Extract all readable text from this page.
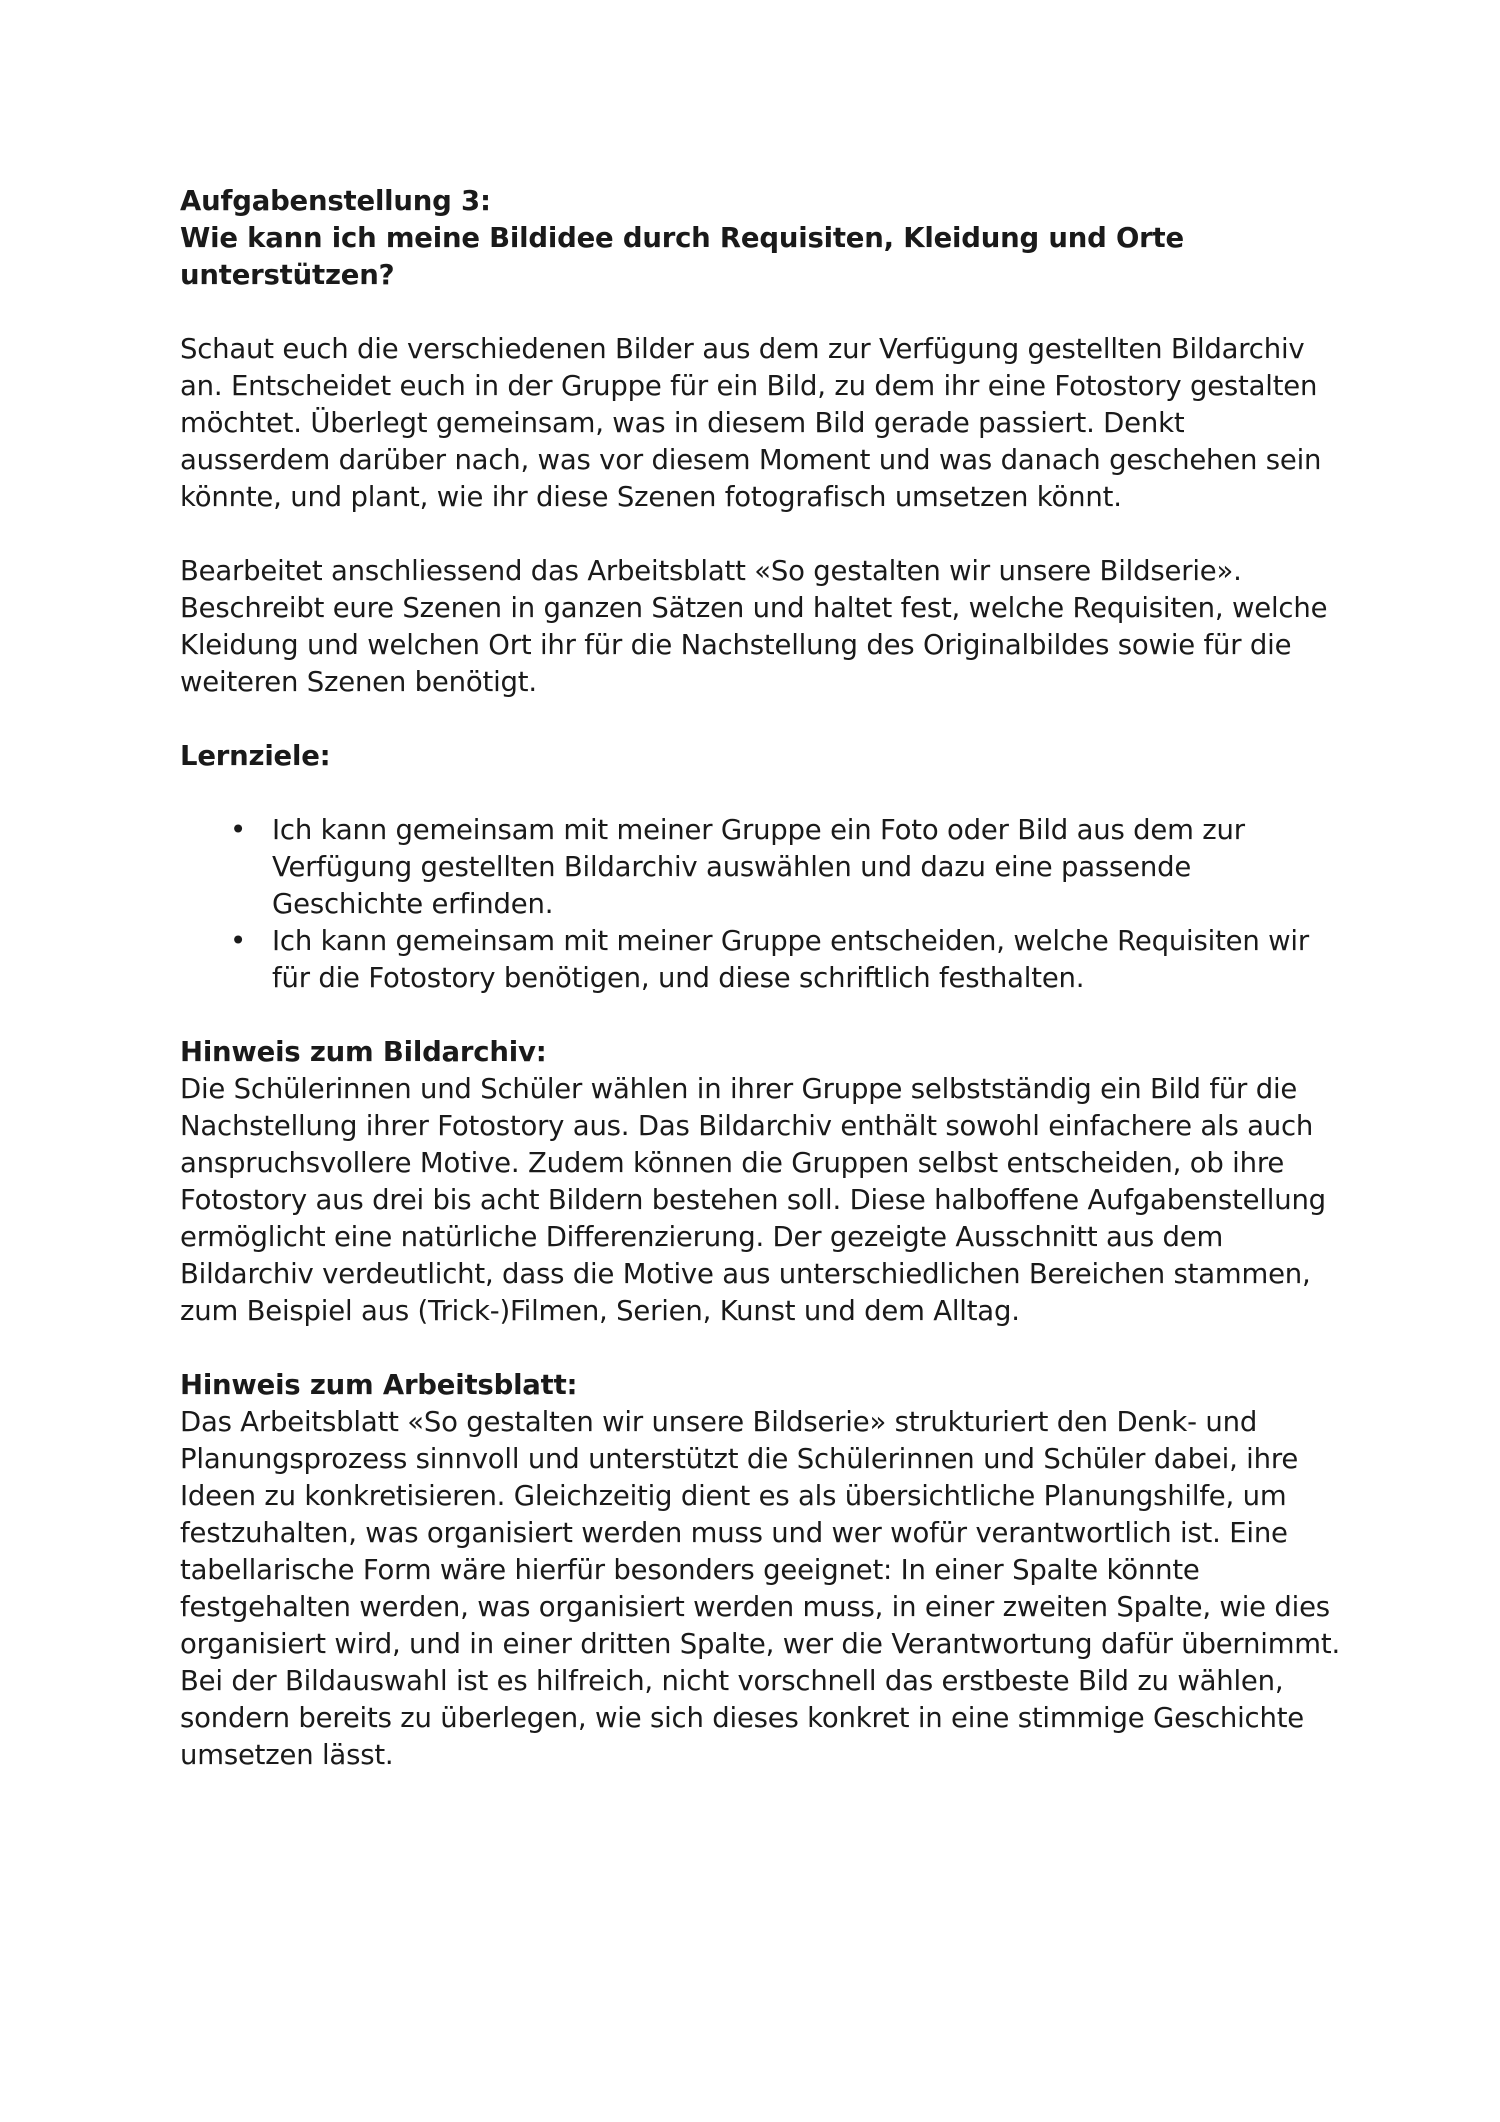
Aufgabenstellung 3:

Wie kann ich meine Bildidee durch Requisiten, Kleidung und Orte unterstützen?

Schaut euch die verschiedenen Bilder aus dem zur Verfügung gestellten Bildarchiv an. Entscheidet euch in der Gruppe für ein Bild, zu dem ihr eine Fotostory gestalten möchtet. Überlegt gemeinsam, was in diesem Bild gerade passiert. Denkt ausserdem darüber nach, was vor diesem Moment und was danach geschehen sein könnte, und plant, wie ihr diese Szenen fotografisch umsetzen könnt.

Bearbeitet anschliessend das Arbeitsblatt «So gestalten wir unsere Bildserie». Beschreibt eure Szenen in ganzen Sätzen und haltet fest, welche Requisiten, welche Kleidung und welchen Ort ihr für die Nachstellung des Originalbildes sowie für die weiteren Szenen benötigt.

Lernziele:

• Ich kann gemeinsam mit meiner Gruppe ein Foto oder Bild aus dem zur Verfügung gestellten Bildarchiv auswählen und dazu eine passende Geschichte erfinden.
• Ich kann gemeinsam mit meiner Gruppe entscheiden, welche Requisiten wir für die Fotostory benötigen, und diese schriftlich festhalten.

Hinweis zum Bildarchiv:

Die Schülerinnen und Schüler wählen in ihrer Gruppe selbstständig ein Bild für die Nachstellung ihrer Fotostory aus. Das Bildarchiv enthält sowohl einfachere als auch anspruchsvollere Motive. Zudem können die Gruppen selbst entscheiden, ob ihre Fotostory aus drei bis acht Bildern bestehen soll. Diese halboffene Aufgabenstellung ermöglicht eine natürliche Differenzierung. Der gezeigte Ausschnitt aus dem Bildarchiv verdeutlicht, dass die Motive aus unterschiedlichen Bereichen stammen, zum Beispiel aus (Trick-)Filmen, Serien, Kunst und dem Alltag.

Hinweis zum Arbeitsblatt:

Das Arbeitsblatt «So gestalten wir unsere Bildserie» strukturiert den Denk- und Planungsprozess sinnvoll und unterstützt die Schülerinnen und Schüler dabei, ihre Ideen zu konkretisieren. Gleichzeitig dient es als übersichtliche Planungshilfe, um festzuhalten, was organisiert werden muss und wer wofür verantwortlich ist. Eine tabellarische Form wäre hierfür besonders geeignet: In einer Spalte könnte festgehalten werden, was organisiert werden muss, in einer zweiten Spalte, wie dies organisiert wird, und in einer dritten Spalte, wer die Verantwortung dafür übernimmt.

Bei der Bildauswahl ist es hilfreich, nicht vorschnell das erstbeste Bild zu wählen, sondern bereits zu überlegen, wie sich dieses konkret in eine stimmige Geschichte umsetzen lässt.
